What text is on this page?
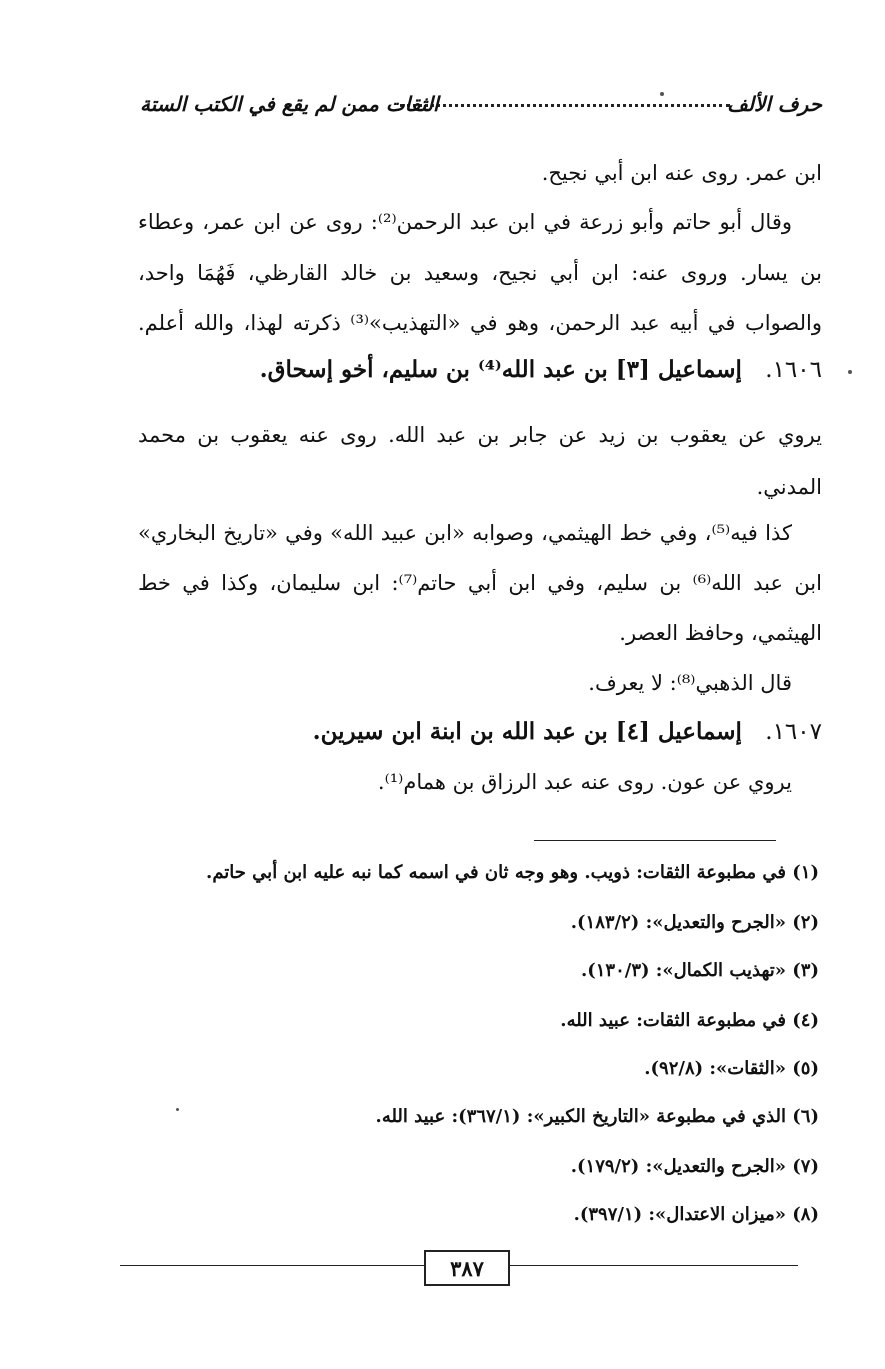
حرف الألف
الثقات ممن لم يقع في الكتب الستة
ابن عمر. روى عنه ابن أبي نجيح.
وقال أبو حاتم وأبو زرعة في ابن عبد الرحمن⁽²⁾: روى عن ابن عمر، وعطاء
بن يسار. وروى عنه: ابن أبي نجيح، وسعيد بن خالد القارظي، فَهُمَا واحد،
والصواب في أبيه عبد الرحمن، وهو في «التهذيب»⁽³⁾ ذكرته لهذا، والله أعلم.
١٦٠٦. إسماعيل [٣] بن عبد الله⁽⁴⁾ بن سليم، أخو إسحاق.
يروي عن يعقوب بن زيد عن جابر بن عبد الله. روى عنه يعقوب بن محمد
المدني.
كذا فيه⁽⁵⁾، وفي خط الهيثمي، وصوابه «ابن عبيد الله» وفي «تاريخ البخاري»
ابن عبد الله⁽⁶⁾ بن سليم، وفي ابن أبي حاتم⁽⁷⁾: ابن سليمان، وكذا في خط
الهيثمي، وحافظ العصر.
قال الذهبي⁽⁸⁾: لا يعرف.
١٦٠٧. إسماعيل [٤] بن عبد الله بن ابنة ابن سيرين.
يروي عن عون. روى عنه عبد الرزاق بن همام⁽¹⁾.
(١) في مطبوعة الثقات: ذويب. وهو وجه ثان في اسمه كما نبه عليه ابن أبي حاتم.
(٢) «الجرح والتعديل»: (١٨٣/٢).
(٣) «تهذيب الكمال»: (١٣٠/٣).
(٤) في مطبوعة الثقات: عبيد الله.
(٥) «الثقات»: (٩٢/٨).
(٦) الذي في مطبوعة «التاريخ الكبير»: (٣٦٧/١): عبيد الله.
(٧) «الجرح والتعديل»: (١٧٩/٢).
(٨) «ميزان الاعتدال»: (٣٩٧/١).
٣٨٧
